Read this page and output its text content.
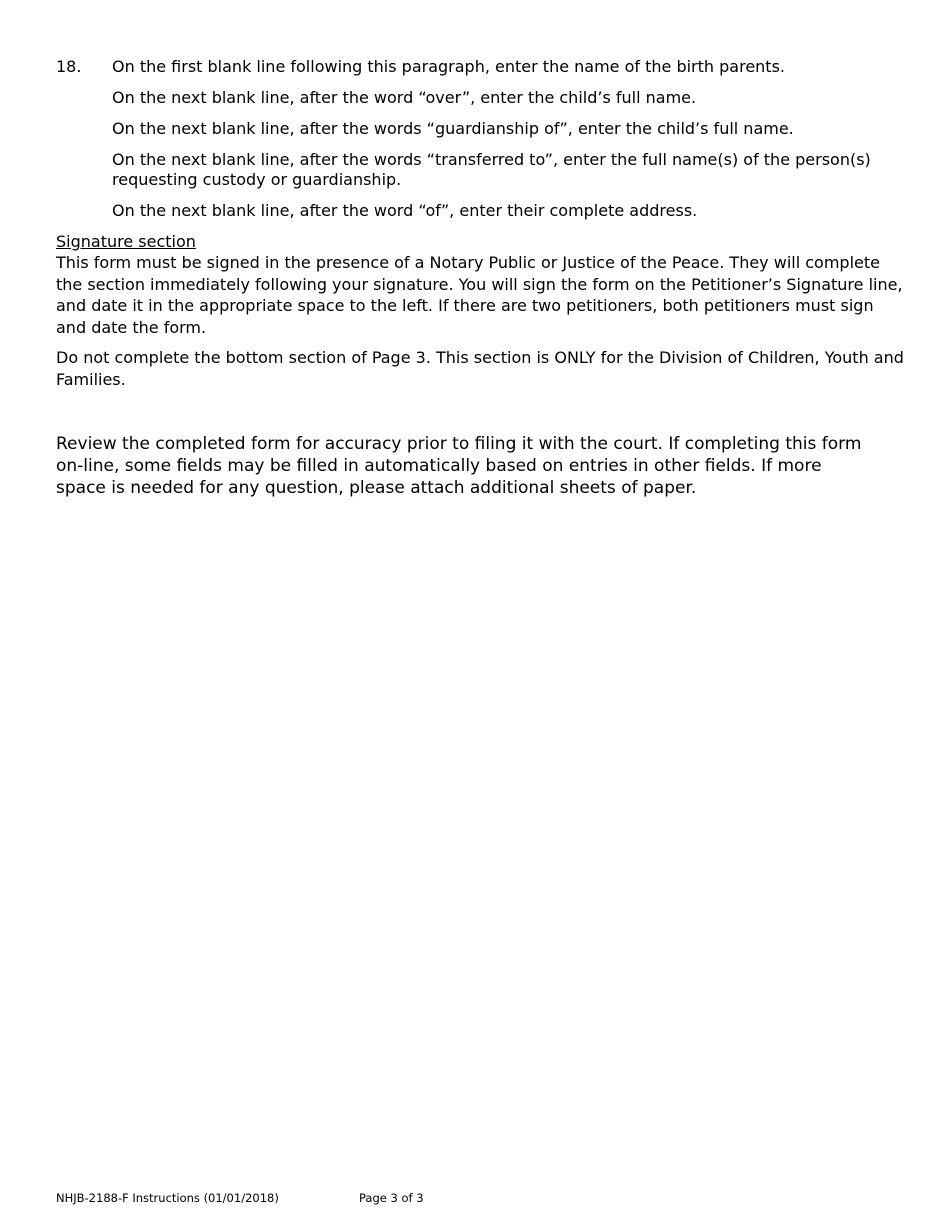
18. On the first blank line following this paragraph, enter the name of the birth parents.

On the next blank line, after the word “over”, enter the child’s full name.

On the next blank line, after the words “guardianship of”, enter the child’s full name.

On the next blank line, after the words “transferred to”, enter the full name(s) of the person(s) requesting custody or guardianship.

On the next blank line, after the word “of”, enter their complete address.

Signature section

This form must be signed in the presence of a Notary Public or Justice of the Peace. They will complete the section immediately following your signature. You will sign the form on the Petitioner’s Signature line, and date it in the appropriate space to the left. If there are two petitioners, both petitioners must sign and date the form.

Do not complete the bottom section of Page 3. This section is ONLY for the Division of Children, Youth and Families.

Review the completed form for accuracy prior to filing it with the court. If completing this form on-line, some fields may be filled in automatically based on entries in other fields. If more space is needed for any question, please attach additional sheets of paper.

NHJB-2188-F Instructions (01/01/2018)	Page 3 of 3
